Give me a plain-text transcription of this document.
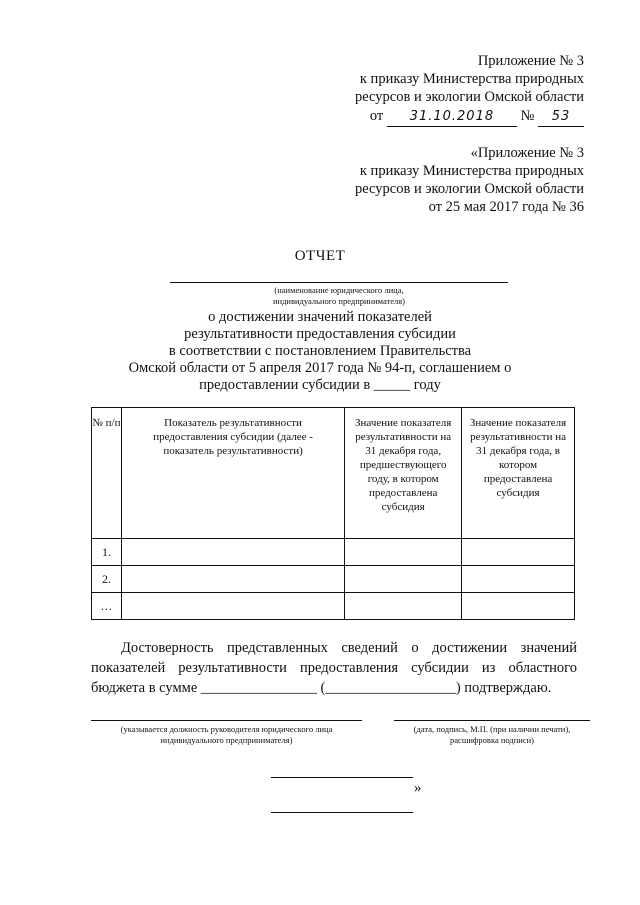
Приложение № 3
к приказу Министерства природных
ресурсов и экологии Омской области
от 31.10.2018 № 53
«Приложение № 3
к приказу Министерства природных
ресурсов и экологии Омской области
от 25 мая 2017 года № 36
ОТЧЕТ
(наименование юридического лица,
индивидуального предпринимателя)
о достижении значений показателей
результативности предоставления субсидии
в соответствии с постановлением Правительства
Омской области от 5 апреля 2017 года № 94-п, соглашением о
предоставлении субсидии в _____ году
№ п/п	Показатель результативности предоставления субсидии (далее - показатель результативности)	Значение показателя результативности на 31 декабря года, предшествующего году, в котором предоставлена субсидия	Значение показателя результативности на 31 декабря года, в котором предоставлена субсидия
1.			
2.			
…			
Достоверность представленных сведений о достижении значений показателей результативности предоставления субсидии из областного бюджета в сумме ________________ (__________________) подтверждаю.
(указывается должность руководителя юридического лица
индивидуального предпринимателя)
(дата, подпись, М.П. (при наличии печати),
расшифровка подписи)
»
